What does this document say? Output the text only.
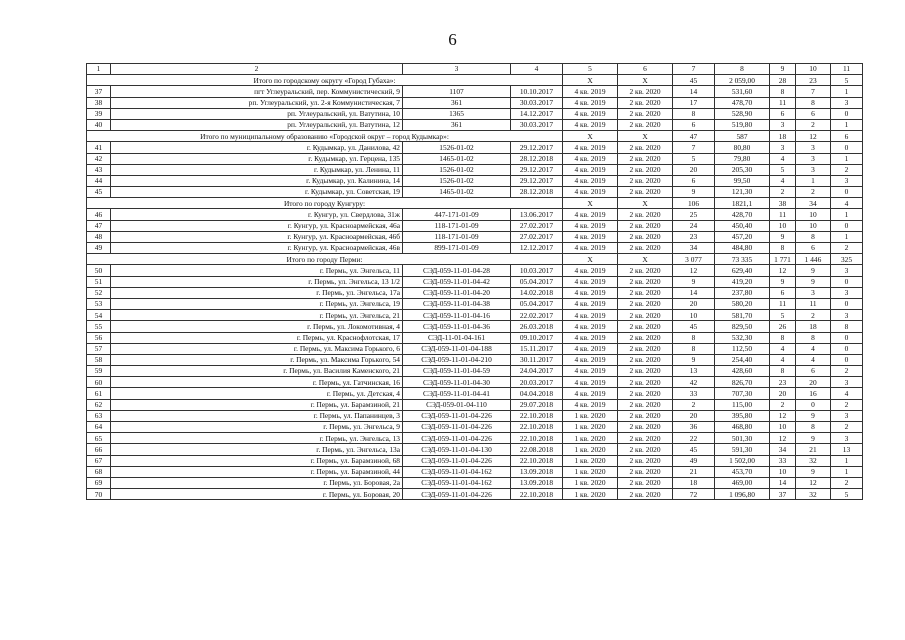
6
1	2	3	4	5	6	7	8	9	10	11
Итого по городскому округу «Город Губаха»:				X	X	45	2 059,00	28	23	5
37	пгт Углеуральский, пер. Коммунистический, 9	1107	10.10.2017	4 кв. 2019	2 кв. 2020	14	531,60	8	7	1
38	рп. Углеуральский, ул. 2-я Коммунистическая, 7	361	30.03.2017	4 кв. 2019	2 кв. 2020	17	478,70	11	8	3
39	рп. Углеуральский, ул. Ватутина, 10	1365	14.12.2017	4 кв. 2019	2 кв. 2020	8	528,90	6	6	0
40	рп. Углеуральский, ул. Ватутина, 12	361	30.03.2017	4 кв. 2019	2 кв. 2020	6	519,80	3	2	1
Итого по муниципальному образованию «Городской округ – город Кудымкар»:				X	X	47	587	18	12	6
41	г. Кудымкар, ул. Данилова, 42	1526-01-02	29.12.2017	4 кв. 2019	2 кв. 2020	7	80,80	3	3	0
42	г. Кудымкар, ул. Герцена, 135	1465-01-02	28.12.2018	4 кв. 2019	2 кв. 2020	5	79,80	4	3	1
43	г. Кудымкар, ул. Ленина, 11	1526-01-02	29.12.2017	4 кв. 2019	2 кв. 2020	20	205,30	5	3	2
44	г. Кудымкар, ул. Калинина, 14	1526-01-02	29.12.2017	4 кв. 2019	2 кв. 2020	6	99,50	4	1	3
45	г. Кудымкар, ул. Советская, 19	1465-01-02	28.12.2018	4 кв. 2019	2 кв. 2020	9	121,30	2	2	0
Итого по городу Кунгуру:				X	X	106	1821,1	38	34	4
46	г. Кунгур, ул. Свердлова, 31ж	447-171-01-09	13.06.2017	4 кв. 2019	2 кв. 2020	25	428,70	11	10	1
47	г. Кунгур, ул. Красноармейская, 46а	118-171-01-09	27.02.2017	4 кв. 2019	2 кв. 2020	24	450,40	10	10	0
48	г. Кунгур, ул. Красноармейская, 46б	118-171-01-09	27.02.2017	4 кв. 2019	2 кв. 2020	23	457,20	9	8	1
49	г. Кунгур, ул. Красноармейская, 46в	899-171-01-09	12.12.2017	4 кв. 2019	2 кв. 2020	34	484,80	8	6	2
Итого по городу Перми:				X	X	3 077	73 335	1 771	1 446	325
50	г. Пермь, ул. Энгельса, 11	СЭД-059-11-01-04-28	10.03.2017	4 кв. 2019	2 кв. 2020	12	629,40	12	9	3
51	г. Пермь, ул. Энгельса, 13 1/2	СЭД-059-11-01-04-42	05.04.2017	4 кв. 2019	2 кв. 2020	9	419,20	9	9	0
52	г. Пермь, ул. Энгельса, 17а	СЭД-059-11-01-04-20	14.02.2018	4 кв. 2019	2 кв. 2020	14	237,80	6	3	3
53	г. Пермь, ул. Энгельса, 19	СЭД-059-11-01-04-38	05.04.2017	4 кв. 2019	2 кв. 2020	20	580,20	11	11	0
54	г. Пермь, ул. Энгельса, 21	СЭД-059-11-01-04-16	22.02.2017	4 кв. 2019	2 кв. 2020	10	581,70	5	2	3
55	г. Пермь, ул. Локомотивная, 4	СЭД-059-11-01-04-36	26.03.2018	4 кв. 2019	2 кв. 2020	45	829,50	26	18	8
56	г. Пермь, ул. Краснофлотская, 17	СЭД-11-01-04-161	09.10.2017	4 кв. 2019	2 кв. 2020	8	532,30	8	8	0
57	г. Пермь, ул. Максима Горького, 6	СЭД-059-11-01-04-188	15.11.2017	4 кв. 2019	2 кв. 2020	8	112,50	4	4	0
58	г. Пермь, ул. Максима Горького, 54	СЭД-059-11-01-04-210	30.11.2017	4 кв. 2019	2 кв. 2020	9	254,40	4	4	0
59	г. Пермь, ул. Василия Каменского, 21	СЭД-059-11-01-04-59	24.04.2017	4 кв. 2019	2 кв. 2020	13	428,60	8	6	2
60	г. Пермь, ул. Гатчинская, 16	СЭД-059-11-01-04-30	20.03.2017	4 кв. 2019	2 кв. 2020	42	826,70	23	20	3
61	г. Пермь, ул. Детская, 4	СЭД-059-11-01-04-41	04.04.2018	4 кв. 2019	2 кв. 2020	33	707,30	20	16	4
62	г. Пермь, ул. Барамзиной, 21	СЭД-059-01-04-110	29.07.2018	4 кв. 2019	2 кв. 2020	2	115,00	2	0	2
63	г. Пермь, ул. Папанинцев, 3	СЭД-059-11-01-04-226	22.10.2018	1 кв. 2020	2 кв. 2020	20	395,80	12	9	3
64	г. Пермь, ул. Энгельса, 9	СЭД-059-11-01-04-226	22.10.2018	1 кв. 2020	2 кв. 2020	36	468,80	10	8	2
65	г. Пермь, ул. Энгельса, 13	СЭД-059-11-01-04-226	22.10.2018	1 кв. 2020	2 кв. 2020	22	501,30	12	9	3
66	г. Пермь, ул. Энгельса, 13а	СЭД-059-11-01-04-130	22.08.2018	1 кв. 2020	2 кв. 2020	45	591,30	34	21	13
67	г. Пермь, ул. Барамзиной, 68	СЭД-059-11-01-04-226	22.10.2018	1 кв. 2020	2 кв. 2020	49	1 502,00	33	32	1
68	г. Пермь, ул. Барамзиной, 44	СЭД-059-11-01-04-162	13.09.2018	1 кв. 2020	2 кв. 2020	21	453,70	10	9	1
69	г. Пермь, ул. Боровая, 2а	СЭД-059-11-01-04-162	13.09.2018	1 кв. 2020	2 кв. 2020	18	469,00	14	12	2
70	г. Пермь, ул. Боровая, 20	СЭД-059-11-01-04-226	22.10.2018	1 кв. 2020	2 кв. 2020	72	1 096,80	37	32	5
